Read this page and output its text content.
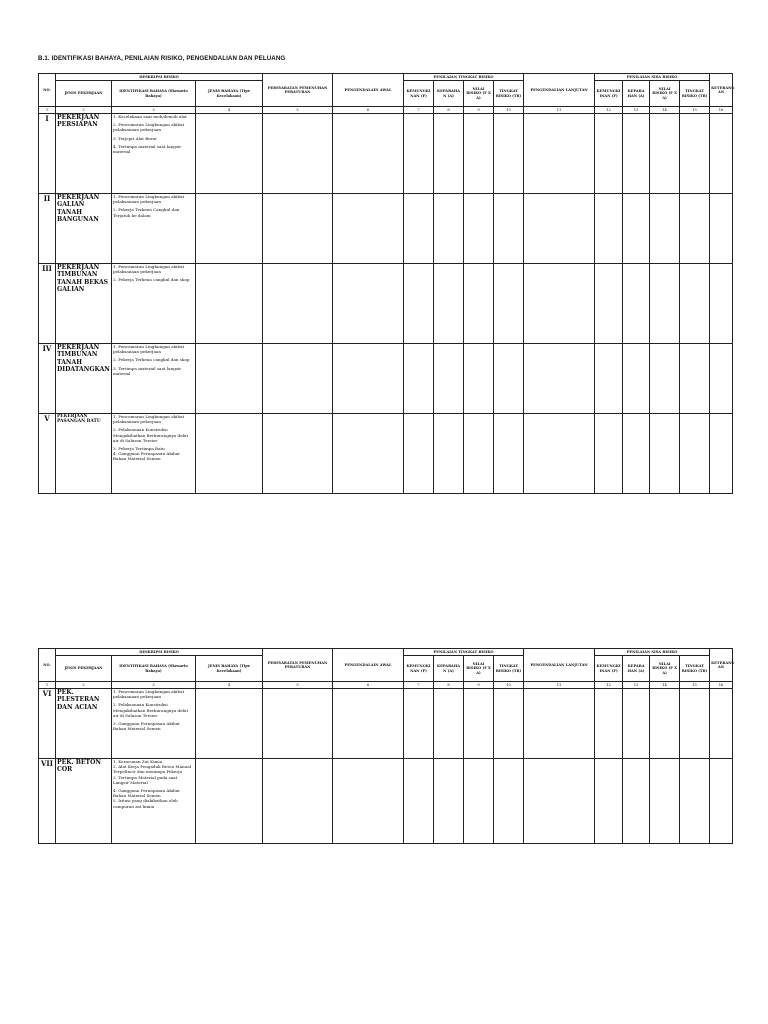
B.1. IDENTIFIKASI BAHAYA, PENILAIAN RISIKO, PENGENDALIAN DAN PELUANG
NO.	DESKRIPSI RISIKO			PERSYARATAN PEMENUHAN PERATURAN	PENGENDALAIN AWAL	PENILAIAN TINGKAT RISIKO				PENGENDALIAN LANJUTAN	PENILAIAN SISA RISIKO				KETERANG AN
	JENIS PEKERJAAN	IDENTIFIKASI BAHAYA (Skenario Bahaya)	JENIS BAHAYA (Tipe Kecelakaan)			KEMUNGKI NAN (F)	KEPARAHA N (A)	NILAI RISIKO (F X A)	TINGKAT RISIKO (TR)		KEMUNGKI INAN (F)	KEPARA HAN (A)	NILAI RISIKO (F X A)	TINGKAT RISIKO (TR)	
1	2	3	4	5	6	7	8	9	10	11	12	13	14	15	16
I	PEKERJAAN PERSIAPAN	1. Kecelakaan saat mob/demob alat
2. Pencemaran Lingkungan akibat pelaksanaan pekerjaan
3. Terjepit Alat Berat
4. Tertimpa material saat langsir material													

II	PEKERJAAN GALIAN TANAH BANGUNAN	1. Pencemaran Lingkungan akibat pelaksanaan pekerjaan
2. Pekerja Terkena Cangkul dan Terjatuh ke dalam													

III	PEKERJAAN TIMBUNAN TANAH BEKAS GALIAN	1. Pencemaran Lingkungan akibat pelaksanaan pekerjaan
2. Pekerja Terkena cangkul dan skop													

IV	PEKERJAAN TIMBUNAN TANAH DIDATANGKAN	1. Pencemaran Lingkungan akibat pelaksanaan pekerjaan
2. Pekerja Terkena cangkul dan skop
3. Tertimpa material saat langsir material													

V	PEKERJAAN PASANGAN BATU	1. Pencemaran Lingkungan akibat pelaksanaan pekerjaan
2. Pelaksanaan Konstruksi Mengakibatkan Berkurangnya debit air di Saluran Tersier
3. Pekerja Tertimpa Batu
4. Gangguan Pernapasan Akibat Bahan Material Semen													

NO.	DESKRIPSI RISIKO			PERSYARATAN PEMENUHAN PERATURAN	PENGENDALAIN AWAL	PENILAIAN TINGKAT RISIKO				PENGENDALIAN LANJUTAN	PENILAIAN SISA RISIKO				KETERANG AN
	JENIS PEKERJAAN	IDENTIFIKASI BAHAYA (Skenario Bahaya)	JENIS BAHAYA (Tipe Kecelakaan)			KEMUNGKI NAN (F)	KEPARAHA N (A)	NILAI RISIKO (F X A)	TINGKAT RISIKO (TR)		KEMUNGKI INAN (F)	KEPARA HAN (A)	NILAI RISIKO (F X A)	TINGKAT RISIKO (TR)	
1	2	3	4	5	6	7	8	9	10	11	12	13	14	15	16
VI	PEK. PLESTERAN DAN ACIAN	1. Pencemaran Lingkungan akibat pelaksanaan pekerjaan
2. Pelaksanaan Konstruksi Mengakibatkan Berkurangnya debit air di Saluran Tersier
3. Gangguan Pernapasan Akibat Bahan Material Semen													

VII	PEK. BETON COR	1. Keracunan Zat Kimia
2. Alat Kerja Pengaduk Beton Manual Terpelincir dan menimpa Pekerja
3. Tertimpa Material pada saat Langsir Material
4. Gangguan Pernapasan Akibat Bahan Material Semen
5. Iritasi yang diakibatkan oleh campuran zat kimia													
